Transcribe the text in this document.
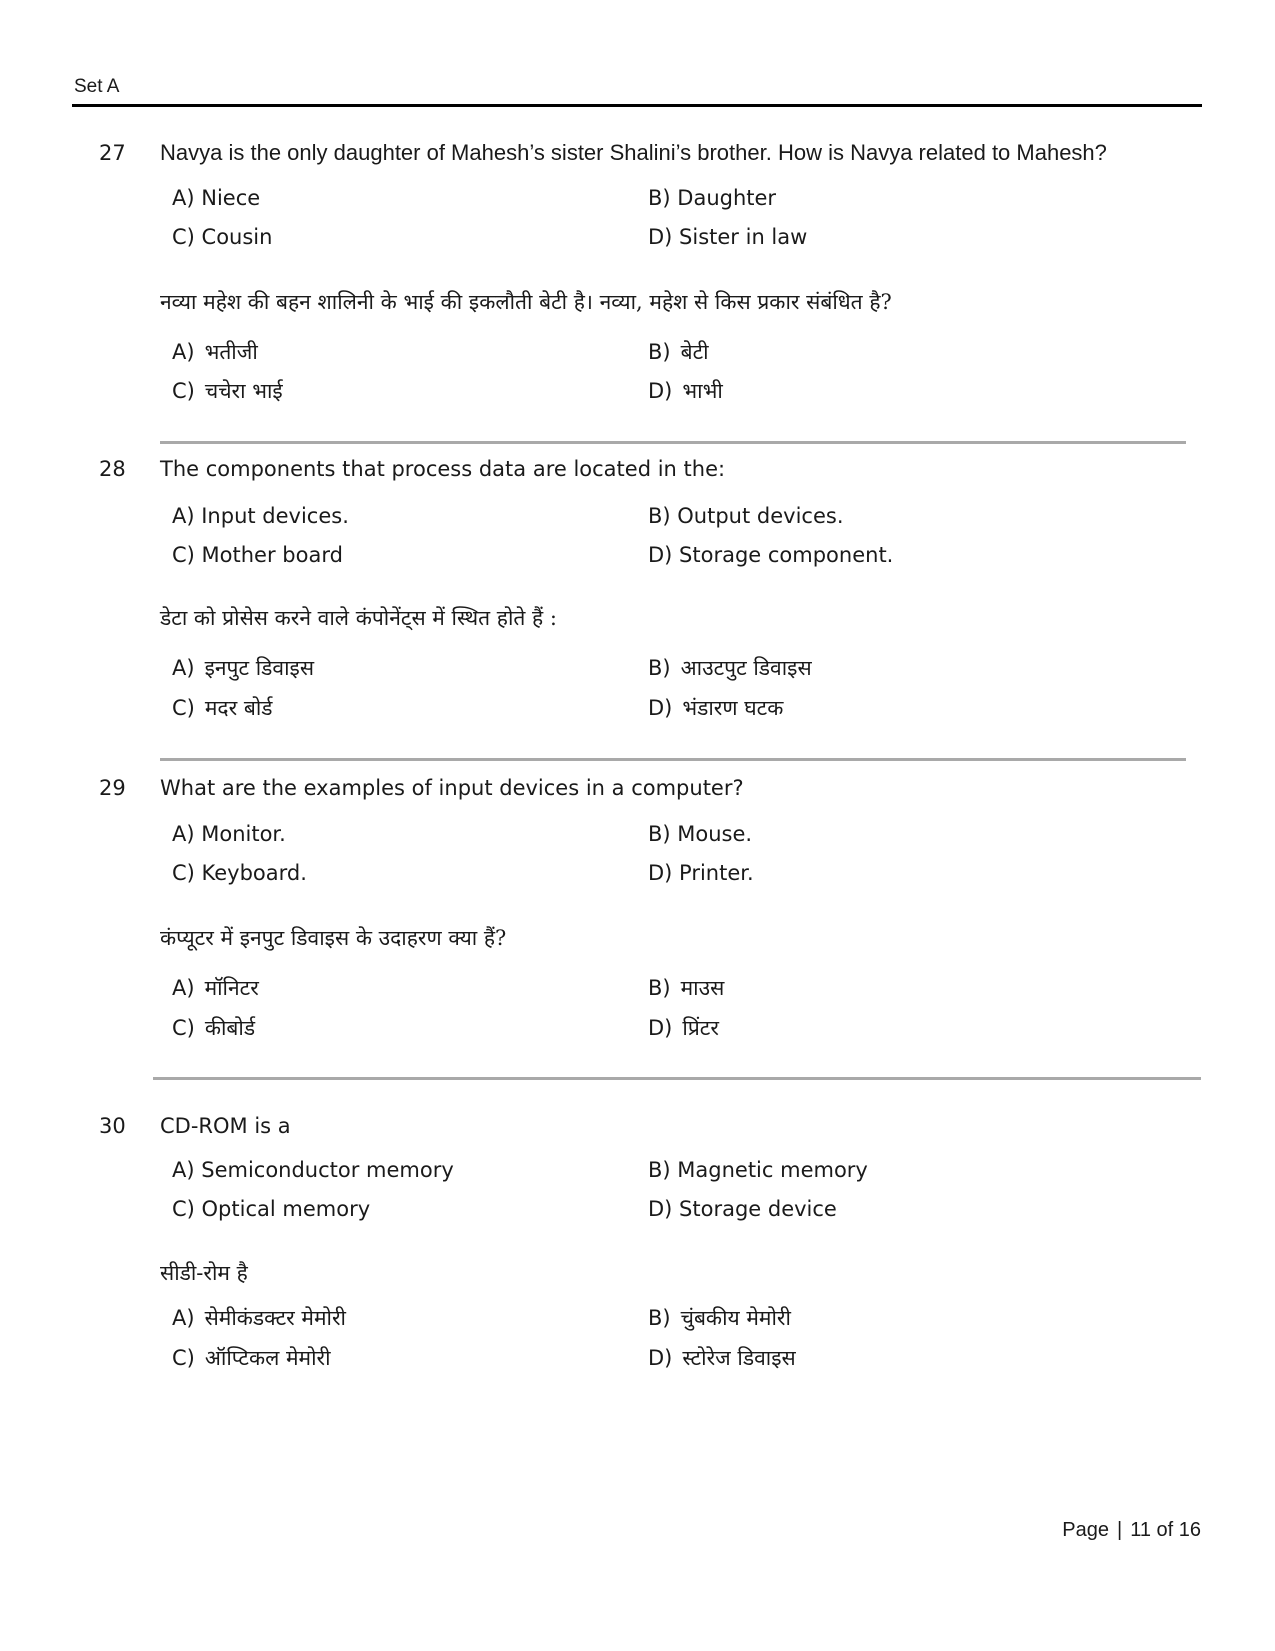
Set A
27 Navya is the only daughter of Mahesh’s sister Shalini’s brother. How is Navya related to Mahesh?
A) Niece	B) Daughter
C) Cousin	D) Sister in law
नव्या महेश की बहन शालिनी के भाई की इकलौती बेटी है। नव्या, महेश से किस प्रकार संबंधित है?
A) भतीजी	B) बेटी
C) चचेरा भाई	D) भाभी
28 The components that process data are located in the:
A) Input devices.	B) Output devices.
C) Mother board	D) Storage component.
डेटा को प्रोसेस करने वाले कंपोनेंट्स में स्थित होते हैं :
A) इनपुट डिवाइस	B) आउटपुट डिवाइस
C) मदर बोर्ड	D) भंडारण घटक
29 What are the examples of input devices in a computer?
A) Monitor.	B) Mouse.
C) Keyboard.	D) Printer.
कंप्यूटर में इनपुट डिवाइस के उदाहरण क्या हैं?
A) मॉनिटर	B) माउस
C) कीबोर्ड	D) प्रिंटर
30 CD-ROM is a
A) Semiconductor memory	B) Magnetic memory
C) Optical memory	D) Storage device
सीडी-रोम है
A) सेमीकंडक्टर मेमोरी	B) चुंबकीय मेमोरी
C) ऑप्टिकल मेमोरी	D) स्टोरेज डिवाइस
Page | 11 of 16
